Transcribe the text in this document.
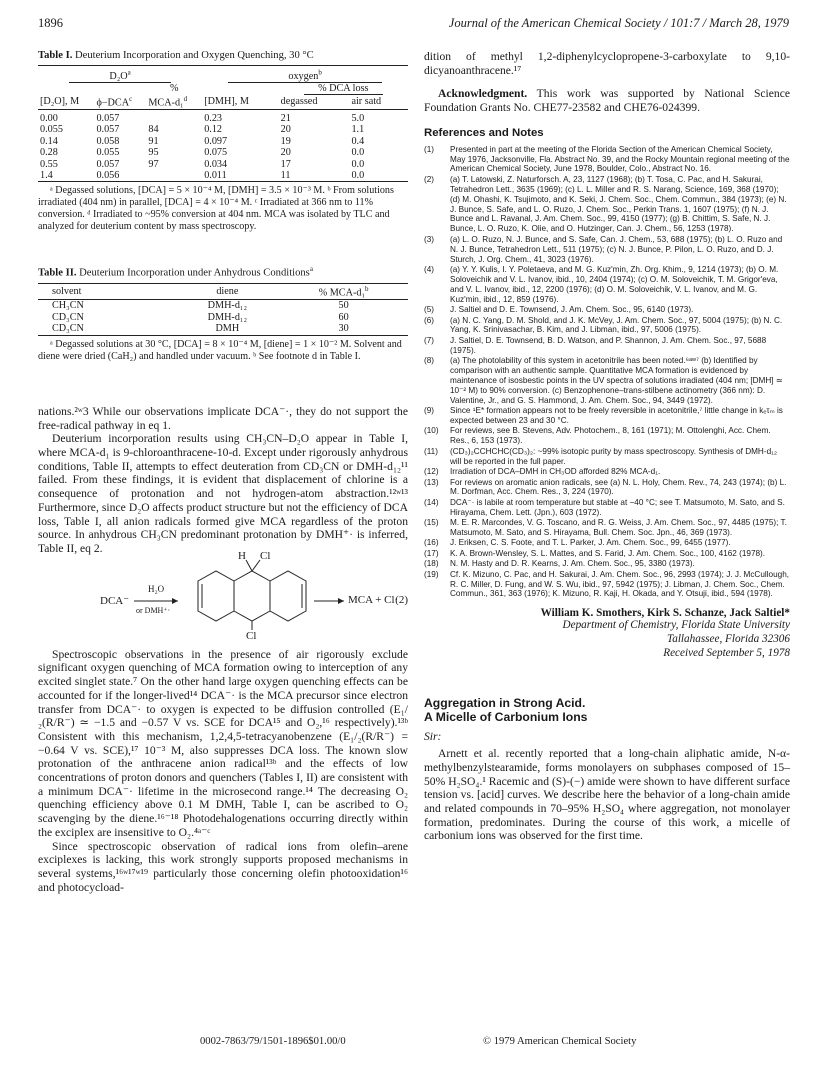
1896	Journal of the American Chemical Society / 101:7 / March 28, 1979
Table I. Deuterium Incorporation and Oxygen Quenching, 30 °C
$D_2O^a$			oxygen$^b$
		%		% DCA loss	
[D₂O], M	$\phi-DCA^c$	MCA-d₁$^d$	[DMH], M	degassed	air satd
0.00	0.057		0.23	21	5.0
0.055	0.057	84	0.12	20	1.1
0.14	0.058	91	0.097	19	0.4
0.28	0.055	95	0.075	20	0.0
0.55	0.057	97	0.034	17	0.0
1.4	0.056		0.011	11	0.0
ᵃ Degassed solutions, [DCA] = 5 × 10⁻⁴ M, [DMH] = 3.5 × 10⁻³ M. ᵇ From solutions irradiated (404 nm) in parallel, [DCA] = 4 × 10⁻⁴ M. ᶜ Irradiated at 366 nm to 11% conversion. ᵈ Irradiated to ~95% conversion at 404 nm. MCA was isolated by TLC and analyzed for deuterium content by mass spectroscopy.
Table II. Deuterium Incorporation under Anhydrous Conditions$^a$
solvent	diene	% MCA-d₁$^b$
CH₃CN	DMH-d₁₂	50
CD₃CN	DMH-d₁₂	60
CD₃CN	DMH	30
ᵃ Degassed solutions at 30 °C, [DCA] = 8 × 10⁻⁴ M, [diene] = 1 × 10⁻² M. Solvent and diene were dried (CaH₂) and handled under vacuum. ᵇ See footnote d in Table I.

nations.²ʷ3 While our observations implicate DCA⁻·, they do not support the free-radical pathway in eq 1.

Deuterium incorporation results using CH₃CN–D₂O appear in Table I, where MCA-d₁ is 9-chloroanthracene-10-d. Except under rigorously anhydrous conditions, Table II, attempts to effect deuteration from CD₃CN or DMH-d₁₂¹¹ failed. From these findings, it is evident that displacement of chlorine is a consequence of protonation and not hydrogen-atom abstraction.¹²ʷ¹³ Furthermore, since D₂O affects product structure but not the efficiency of DCA loss, Table I, all anion radicals formed give MCA regardless of the proton source. In anhydrous CH₃CN predominant protonation by DMH⁺· is inferred, Table II, eq 2.

DCA⁻
H₂O
or DMH⁺·
H Cl
Cl
MCA + Cl·
(2)

Spectroscopic observations in the presence of air rigorously exclude significant oxygen quenching of MCA formation owing to interception of any excited singlet state.⁷ On the other hand large oxygen quenching effects can be accounted for if the longer-lived¹⁴ DCA⁻· is the MCA precursor since electron transfer from DCA⁻· to oxygen is expected to be diffusion controlled (E₁/₂(R/R⁻) ≃ −1.5 and −0.57 V vs. SCE for DCA¹⁵ and O₂,¹⁶ respectively).¹³ᵇ Consistent with this mechanism, 1,2,4,5-tetracyanobenzene (E₁/₂(R/R⁻) = −0.64 V vs. SCE),¹⁷ 10⁻³ M, also suppresses DCA loss. The known slow protonation of the anthracene anion radical¹³ᵇ and the effects of low concentrations of proton donors and quenchers (Tables I, II) are consistent with a minimum DCA⁻· lifetime in the microsecond range.¹⁴ The decreasing O₂ quenching efficiency above 0.1 M DMH, Table I, can be ascribed to O₂ scavenging by the diene.¹⁶⁻¹⁸ Photodehalogenations occurring directly within the exciplex are insensitive to O₂.⁴ᵃ⁻ᶜ

Since spectroscopic observation of radical ions from olefin–arene exciplexes is lacking, this work strongly supports proposed mechanisms in several systems,¹⁶ʷ¹⁷ʷ¹⁹ particularly those concerning olefin photooxidation¹⁶ and photocycload-

dition of methyl 1,2-diphenylcyclopropene-3-carboxylate to 9,10-dicyanoanthracene.¹⁷

Acknowledgment. This work was supported by National Science Foundation Grants No. CHE77-23582 and CHE76-024399.

References and Notes
(1) Presented in part at the meeting of the Florida Section of the American Chemical Society, May 1976, Jacksonville, Fla. Abstract No. 39, and the Rocky Mountain regional meeting of the American Chemical Society, June 1978, Boulder, Colo., Abstract No. 16.
(2) (a) T. Latowski, Z. Naturforsch. A, 23, 1127 (1968); (b) T. Tosa, C. Pac, and H. Sakurai, Tetrahedron Lett., 3635 (1969); (c) L. L. Miller and R. S. Narang, Science, 169, 368 (1970); (d) M. Ohashi, K. Tsujimoto, and K. Seki, J. Chem. Soc., Chem. Commun., 384 (1973); (e) N. J. Bunce, S. Safe, and L. O. Ruzo, J. Chem. Soc., Perkin Trans. 1, 1607 (1975); (f) N. J. Bunce and L. Ravanal, J. Am. Chem. Soc., 99, 4150 (1977); (g) B. Chittim, S. Safe, N. J. Bunce, L. O. Ruzo, K. Olie, and O. Hutzinger, Can. J. Chem., 56, 1253 (1978).
(3) (a) L. O. Ruzo, N. J. Bunce, and S. Safe, Can. J. Chem., 53, 688 (1975); (b) L. O. Ruzo and N. J. Bunce, Tetrahedron Lett., 511 (1975); (c) N. J. Bunce, P. Pilon, L. O. Ruzo, and D. J. Sturch, J. Org. Chem., 41, 3023 (1976).
(4) (a) Y. Y. Kulis, I. Y. Poletaeva, and M. G. Kuz'min, Zh. Org. Khim., 9, 1214 (1973); (b) O. M. Soloveichik and V. L. Ivanov, ibid., 10, 2404 (1974); (c) O. M. Soloveichik, T. M. Grigor'eva, and V. L. Ivanov, ibid., 12, 2200 (1976); (d) O. M. Soloveichik, V. L. Ivanov, and M. G. Kuz'min, ibid., 12, 859 (1976).
(5) J. Saltiel and D. E. Townsend, J. Am. Chem. Soc., 95, 6140 (1973).
(6) (a) N. C. Yang, D. M. Shold, and J. K. McVey, J. Am. Chem. Soc., 97, 5004 (1975); (b) N. C. Yang, K. Srinivasachar, B. Kim, and J. Libman, ibid., 97, 5006 (1975).
(7) J. Saltiel, D. E. Townsend, B. D. Watson, and P. Shannon, J. Am. Chem. Soc., 97, 5688 (1975).
(8) (a) The photolability of this system in acetonitrile has been noted.⁶ᵃʷ⁷ (b) Identified by comparison with an authentic sample. Quantitative MCA formation is evidenced by maintenance of isosbestic points in the UV spectra of solutions irradiated (404 nm; [DMH] ≃ 10⁻² M) to 90% conversion. (c) Benzophenone–trans-stilbene actinometry (366 nm): D. Valentine, Jr., and G. S. Hammond, J. Am. Chem. Soc., 94, 3449 (1972).
(9) Since ¹E* formation appears not to be freely reversible in acetonitrile,⁷ little change in kₑτₘ is expected between 23 and 30 °C.
(10) For reviews, see B. Stevens, Adv. Photochem., 8, 161 (1971); M. Ottolenghi, Acc. Chem. Res., 6, 153 (1973).
(11) (CD₃)₂CCHCHC(CD₃)₂: ~99% isotopic purity by mass spectroscopy. Synthesis of DMH-d₁₂ will be reported in the full paper.
(12) Irradiation of DCA–DMH in CH₃OD afforded 82% MCA-d₁.
(13) For reviews on aromatic anion radicals, see (a) N. L. Holy, Chem. Rev., 74, 243 (1974); (b) L. M. Dorfman, Acc. Chem. Res., 3, 224 (1970).
(14) DCA⁻· is labile at room temperature but stable at −40 °C; see T. Matsumoto, M. Sato, and S. Hirayama, Chem. Lett. (Jpn.), 603 (1972).
(15) M. E. R. Marcondes, V. G. Toscano, and R. G. Weiss, J. Am. Chem. Soc., 97, 4485 (1975); T. Matsumoto, M. Sato, and S. Hirayama, Bull. Chem. Soc. Jpn., 46, 369 (1973).
(16) J. Eriksen, C. S. Foote, and T. L. Parker, J. Am. Chem. Soc., 99, 6455 (1977).
(17) K. A. Brown-Wensley, S. L. Mattes, and S. Farid, J. Am. Chem. Soc., 100, 4162 (1978).
(18) N. M. Hasty and D. R. Kearns, J. Am. Chem. Soc., 95, 3380 (1973).
(19) Cf. K. Mizuno, C. Pac, and H. Sakurai, J. Am. Chem. Soc., 96, 2993 (1974); J. J. McCullough, R. C. Miller, D. Fung, and W. S. Wu, ibid., 97, 5942 (1975); J. Libman, J. Chem. Soc., Chem. Commun., 361, 363 (1976); K. Mizuno, R. Kaji, H. Okada, and Y. Otsuji, ibid., 594 (1978).
William K. Smothers, Kirk S. Schanze, Jack Saltiel*
Department of Chemistry, Florida State University
Tallahassee, Florida 32306
Received September 5, 1978
Aggregation in Strong Acid.
A Micelle of Carbonium Ions
Sir:

Arnett et al. recently reported that a long-chain aliphatic amide, N-α-methylbenzylstearamide, forms monolayers on subphases composed of 15–50% H₂SO₄.¹ Racemic and (S)-(−) amide were shown to have different surface tension vs. [acid] curves. We describe here the behavior of a long-chain amide and related compounds in 70–95% H₂SO₄ where aggregation, not monolayer formation, predominates. During the course of this work, a micelle of carbonium ions was observed for the first time.

0002-7863/79/1501-1896$01.00/0	© 1979 American Chemical Society
